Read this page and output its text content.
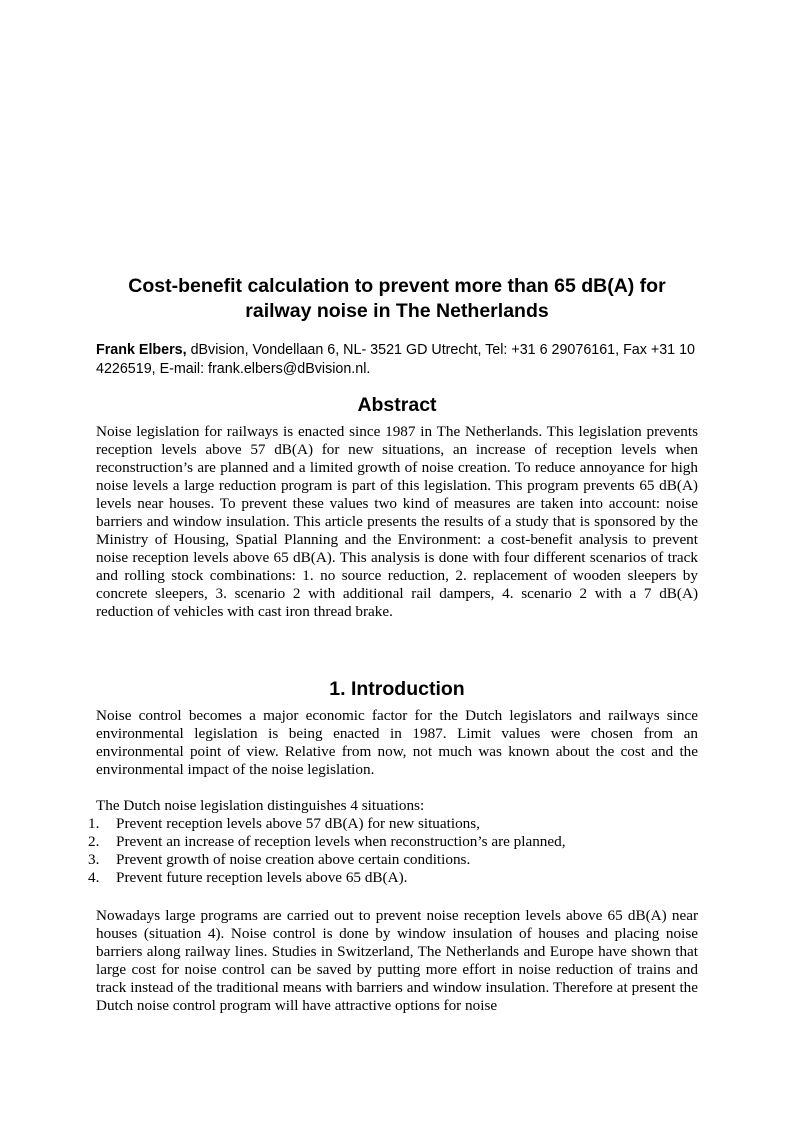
Cost-benefit calculation to prevent more than 65 dB(A) for
railway noise in The Netherlands

Frank Elbers, dBvision, Vondellaan 6, NL- 3521 GD Utrecht, Tel: +31 6 29076161, Fax +31 10 4226519, E-mail: frank.elbers@dBvision.nl.

Abstract

Noise legislation for railways is enacted since 1987 in The Netherlands. This legislation prevents reception levels above 57 dB(A) for new situations, an increase of reception levels when reconstruction’s are planned and a limited growth of noise creation. To reduce annoyance for high noise levels a large reduction program is part of this legislation. This program prevents 65 dB(A) levels near houses. To prevent these values two kind of measures are taken into account: noise barriers and window insulation. This article presents the results of a study that is sponsored by the Ministry of Housing, Spatial Planning and the Environment: a cost-benefit analysis to prevent noise reception levels above 65 dB(A). This analysis is done with four different scenarios of track and rolling stock combinations: 1. no source reduction, 2. replacement of wooden sleepers by concrete sleepers, 3. scenario 2 with additional rail dampers, 4. scenario 2 with a 7 dB(A) reduction of vehicles with cast iron thread brake.

1. Introduction

Noise control becomes a major economic factor for the Dutch legislators and railways since environmental legislation is being enacted in 1987. Limit values were chosen from an environmental point of view. Relative from now, not much was known about the cost and the environmental impact of the noise legislation.

The Dutch noise legislation distinguishes 4 situations:

1.	Prevent reception levels above 57 dB(A) for new situations,
2.	Prevent an increase of reception levels when reconstruction’s are planned,
3.	Prevent growth of noise creation above certain conditions.
4.	Prevent future reception levels above 65 dB(A).

Nowadays large programs are carried out to prevent noise reception levels above 65 dB(A) near houses (situation 4). Noise control is done by window insulation of houses and placing noise barriers along railway lines. Studies in Switzerland, The Netherlands and Europe have shown that large cost for noise control can be saved by putting more effort in noise reduction of trains and track instead of the traditional means with barriers and window insulation. Therefore at present the Dutch noise control program will have attractive options for noise
